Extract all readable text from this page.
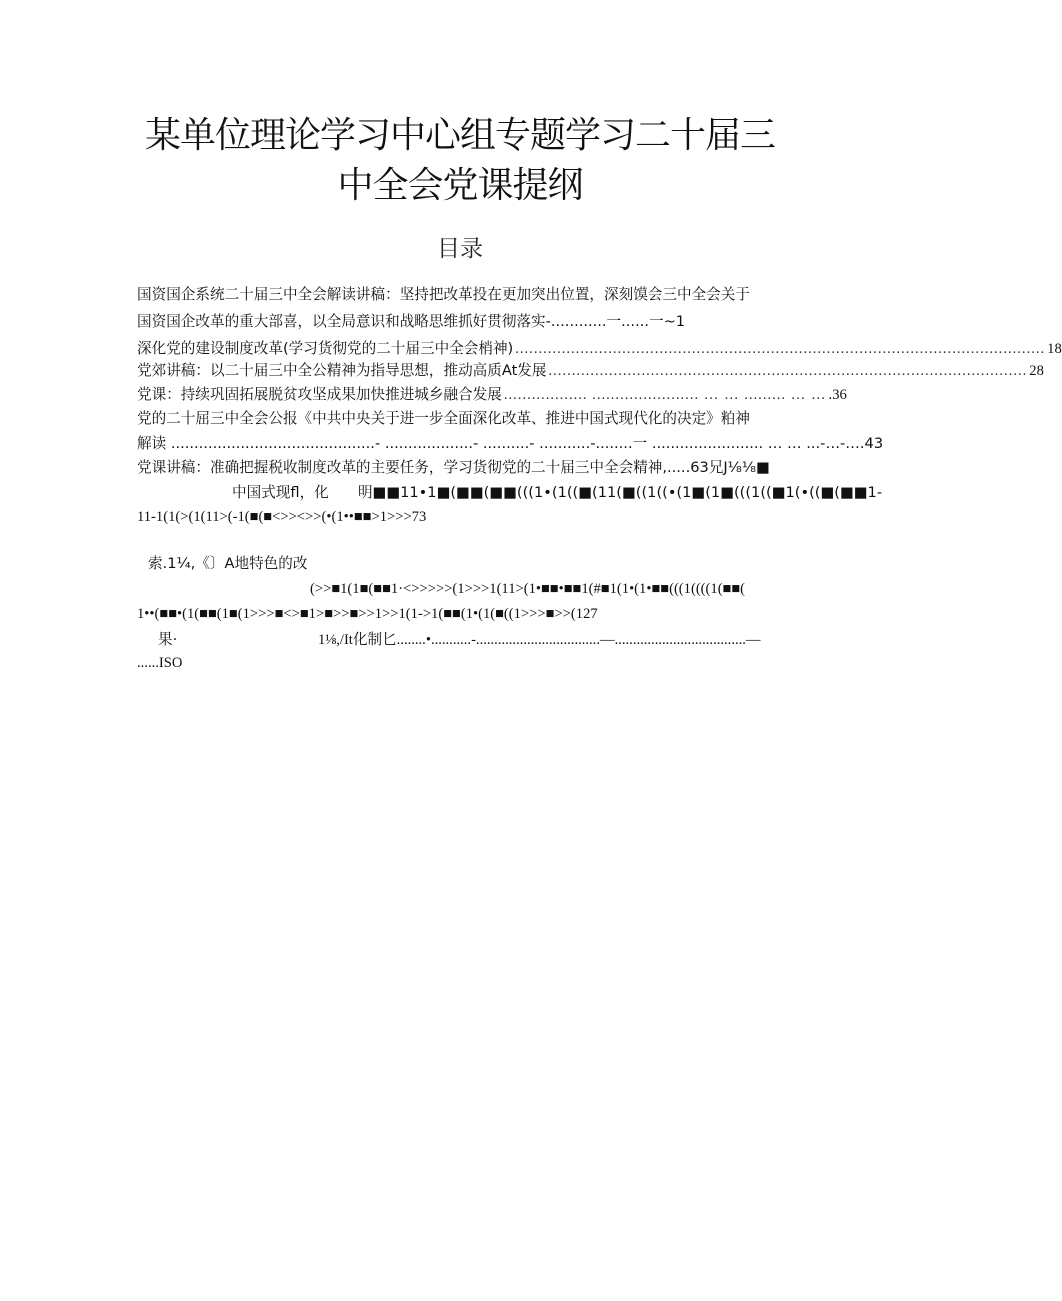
某单位理论学习中心组专题学习二十届三
中全会党课提纲
目录
国资国企系统二十届三中全会解读讲稿：坚持把改革投在更加突出位置，深刻馍会三中全会关于
国资国企改革的重大部喜，以全局意识和战略思维抓好贯彻落实-............一......一~1
深化党的建设制度改革(学习货彻党的二十届三中全会梢神) .................................................................................................................. 18
党郊讲稿：以二十届三中全公精神为指导思想，推动高质At发展 ....................................................................................................... 28
党课：持续巩固拓展脱贫攻坚成果加快推进城乡融合发展 .................. ....................... … … ......... … … .36
党的二十屈三中全会公报《中共中央关于进一步全面深化改革、推进中国式现代化的决定》粕神
解读 ............................................- ...................- ..........- ...........-........一 ........................ … … ...-…-….43
党课讲稿：准确把握税收制度改革的主要任务，学习货彻党的二十届三中全会精神,.....63兄J⅛⅛■
中国式现fl，化　　明■■11•1■(■■(■■(((1•(1((■(11(■((1((•(1■(1■(((1((■1(•((■(■■1-
11-1(1(>(1(11>(-1(■(■<>><>>(•(1••■■>1>>>73
索.1¼,《〕A地特色的改
(>>■1(1■(■■1·<>>>>>(1>>>1(11>(1•■■•■■1(#■1(1•(1•■■(((1((((1(■■(
1••(■■•(1(■■(1■(1>>>■<>■1>■>>■>>1>>1(1->1(■■(1•(1(■((1>>>■>>(127
果·	1⅛,/It化制匕........•...........-..................................—....................................—
......ISO
